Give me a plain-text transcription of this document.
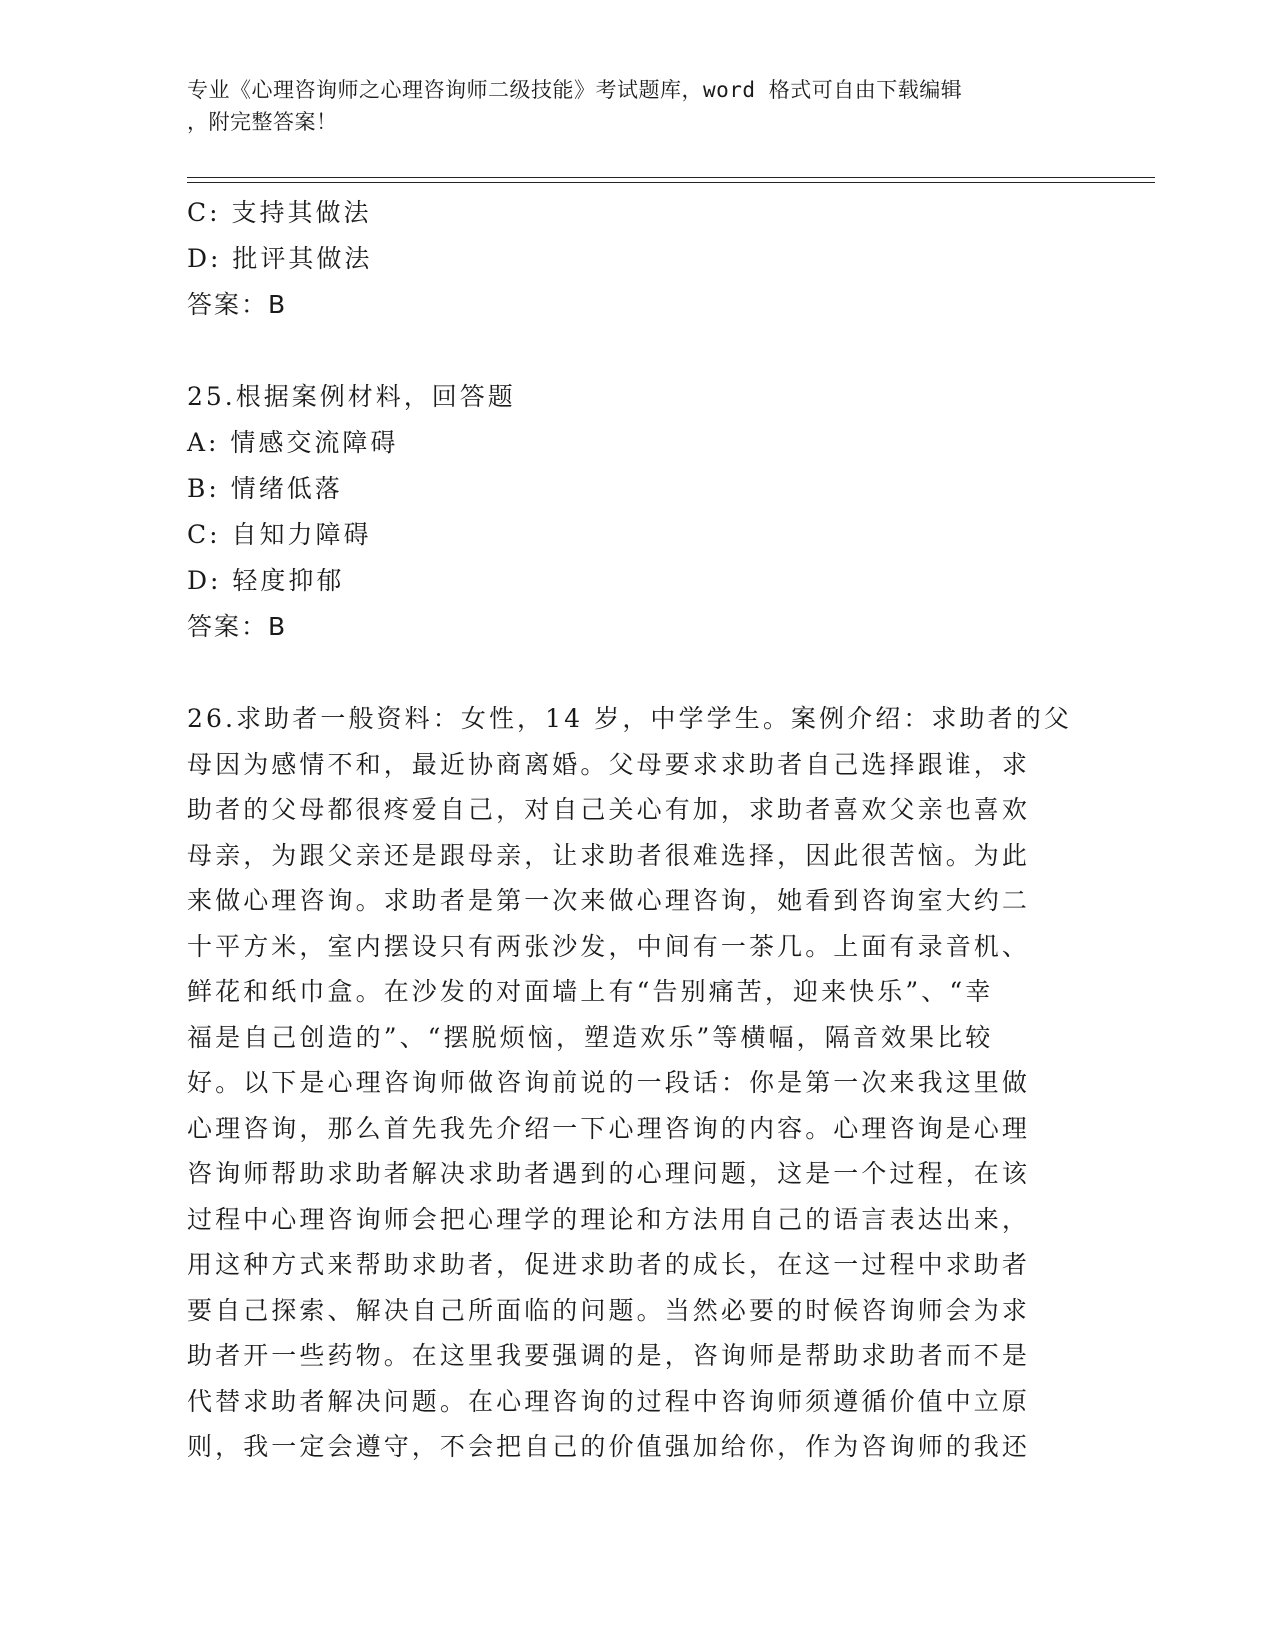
专业《心理咨询师之心理咨询师二级技能》考试题库，word 格式可自由下载编辑

，附完整答案！

C: 支持其做法
D: 批评其做法
答案：B
25.根据案例材料，回答题
A: 情感交流障碍
B: 情绪低落
C: 自知力障碍
D: 轻度抑郁
答案：B
26.求助者一般资料：女性，14 岁，中学学生。案例介绍：求助者的父
母因为感情不和，最近协商离婚。父母要求求助者自己选择跟谁，求
助者的父母都很疼爱自己，对自己关心有加，求助者喜欢父亲也喜欢
母亲，为跟父亲还是跟母亲，让求助者很难选择，因此很苦恼。为此
来做心理咨询。求助者是第一次来做心理咨询，她看到咨询室大约二
十平方米，室内摆设只有两张沙发，中间有一茶几。上面有录音机、
鲜花和纸巾盒。在沙发的对面墙上有“告别痛苦，迎来快乐”、“幸
福是自己创造的”、“摆脱烦恼，塑造欢乐”等横幅，隔音效果比较
好。以下是心理咨询师做咨询前说的一段话：你是第一次来我这里做
心理咨询，那么首先我先介绍一下心理咨询的内容。心理咨询是心理
咨询师帮助求助者解决求助者遇到的心理问题，这是一个过程，在该
过程中心理咨询师会把心理学的理论和方法用自己的语言表达出来，
用这种方式来帮助求助者，促进求助者的成长，在这一过程中求助者
要自己探索、解决自己所面临的问题。当然必要的时候咨询师会为求
助者开一些药物。在这里我要强调的是，咨询师是帮助求助者而不是
代替求助者解决问题。在心理咨询的过程中咨询师须遵循价值中立原
则，我一定会遵守，不会把自己的价值强加给你，作为咨询师的我还
